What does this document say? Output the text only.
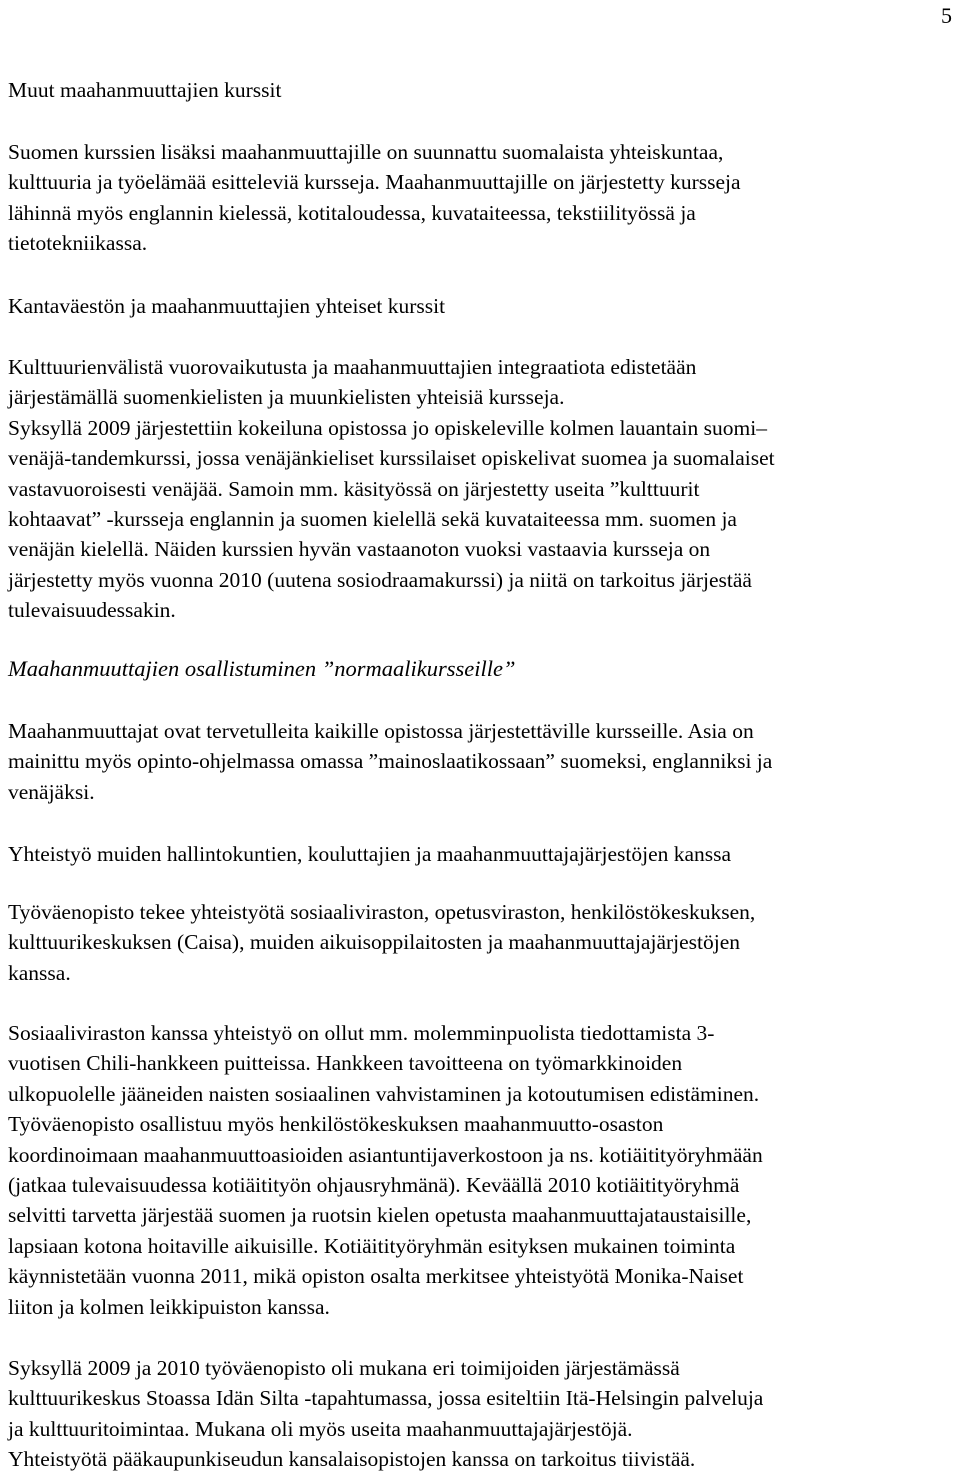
5
Muut maahanmuuttajien kurssit
Suomen kurssien lisäksi maahanmuuttajille on suunnattu suomalaista yhteiskuntaa,
kulttuuria ja työelämää esitteleviä kursseja. Maahanmuuttajille on järjestetty kursseja
lähinnä myös englannin kielessä, kotitaloudessa, kuvataiteessa, tekstiilityössä ja
tietotekniikassa.
Kantaväestön ja maahanmuuttajien yhteiset kurssit
Kulttuurienvälistä vuorovaikutusta ja maahanmuuttajien integraatiota edistetään
järjestämällä suomenkielisten ja muunkielisten yhteisiä kursseja.
Syksyllä 2009 järjestettiin kokeiluna opistossa jo opiskeleville kolmen lauantain suomi–
venäjä-tandemkurssi, jossa venäjänkieliset kurssilaiset opiskelivat suomea ja suomalaiset
vastavuoroisesti venäjää. Samoin mm. käsityössä on järjestetty useita ”kulttuurit
kohtaavat” -kursseja englannin ja suomen kielellä sekä kuvataiteessa mm. suomen ja
venäjän kielellä. Näiden kurssien hyvän vastaanoton vuoksi vastaavia kursseja on
järjestetty myös vuonna 2010 (uutena sosiodraamakurssi) ja niitä on tarkoitus järjestää
tulevaisuudessakin.
Maahanmuuttajien osallistuminen ”normaalikursseille”
Maahanmuuttajat ovat tervetulleita kaikille opistossa järjestettäville kursseille. Asia on
mainittu myös opinto-ohjelmassa omassa ”mainoslaatikossaan” suomeksi, englanniksi ja
venäjäksi.
Yhteistyö muiden hallintokuntien, kouluttajien ja maahanmuuttajajärjestöjen kanssa
Työväenopisto tekee yhteistyötä sosiaaliviraston, opetusviraston, henkilöstökeskuksen,
kulttuurikeskuksen (Caisa), muiden aikuisoppilaitosten ja maahanmuuttajajärjestöjen
kanssa.
Sosiaaliviraston kanssa yhteistyö on ollut mm. molemminpuolista tiedottamista 3-
vuotisen Chili-hankkeen puitteissa. Hankkeen tavoitteena on työmarkkinoiden
ulkopuolelle jääneiden naisten sosiaalinen vahvistaminen ja kotoutumisen edistäminen.
Työväenopisto osallistuu myös henkilöstökeskuksen maahanmuutto-osaston
koordinoimaan maahanmuuttoasioiden asiantuntijaverkostoon ja ns. kotiäitityöryhmään
(jatkaa tulevaisuudessa kotiäitityön ohjausryhmänä). Keväällä 2010 kotiäitityöryhmä
selvitti tarvetta järjestää suomen ja ruotsin kielen opetusta maahanmuuttajataustaisille,
lapsiaan kotona hoitaville aikuisille. Kotiäitityöryhmän esityksen mukainen toiminta
käynnistetään vuonna 2011, mikä opiston osalta merkitsee yhteistyötä Monika-Naiset
liiton ja kolmen leikkipuiston kanssa.
Syksyllä 2009 ja 2010 työväenopisto oli mukana eri toimijoiden järjestämässä
kulttuurikeskus Stoassa Idän Silta -tapahtumassa, jossa esiteltiin Itä-Helsingin palveluja
ja kulttuuritoimintaa. Mukana oli myös useita maahanmuuttajajärjestöjä.
Yhteistyötä pääkaupunkiseudun kansalaisopistojen kanssa on tarkoitus tiivistää.
